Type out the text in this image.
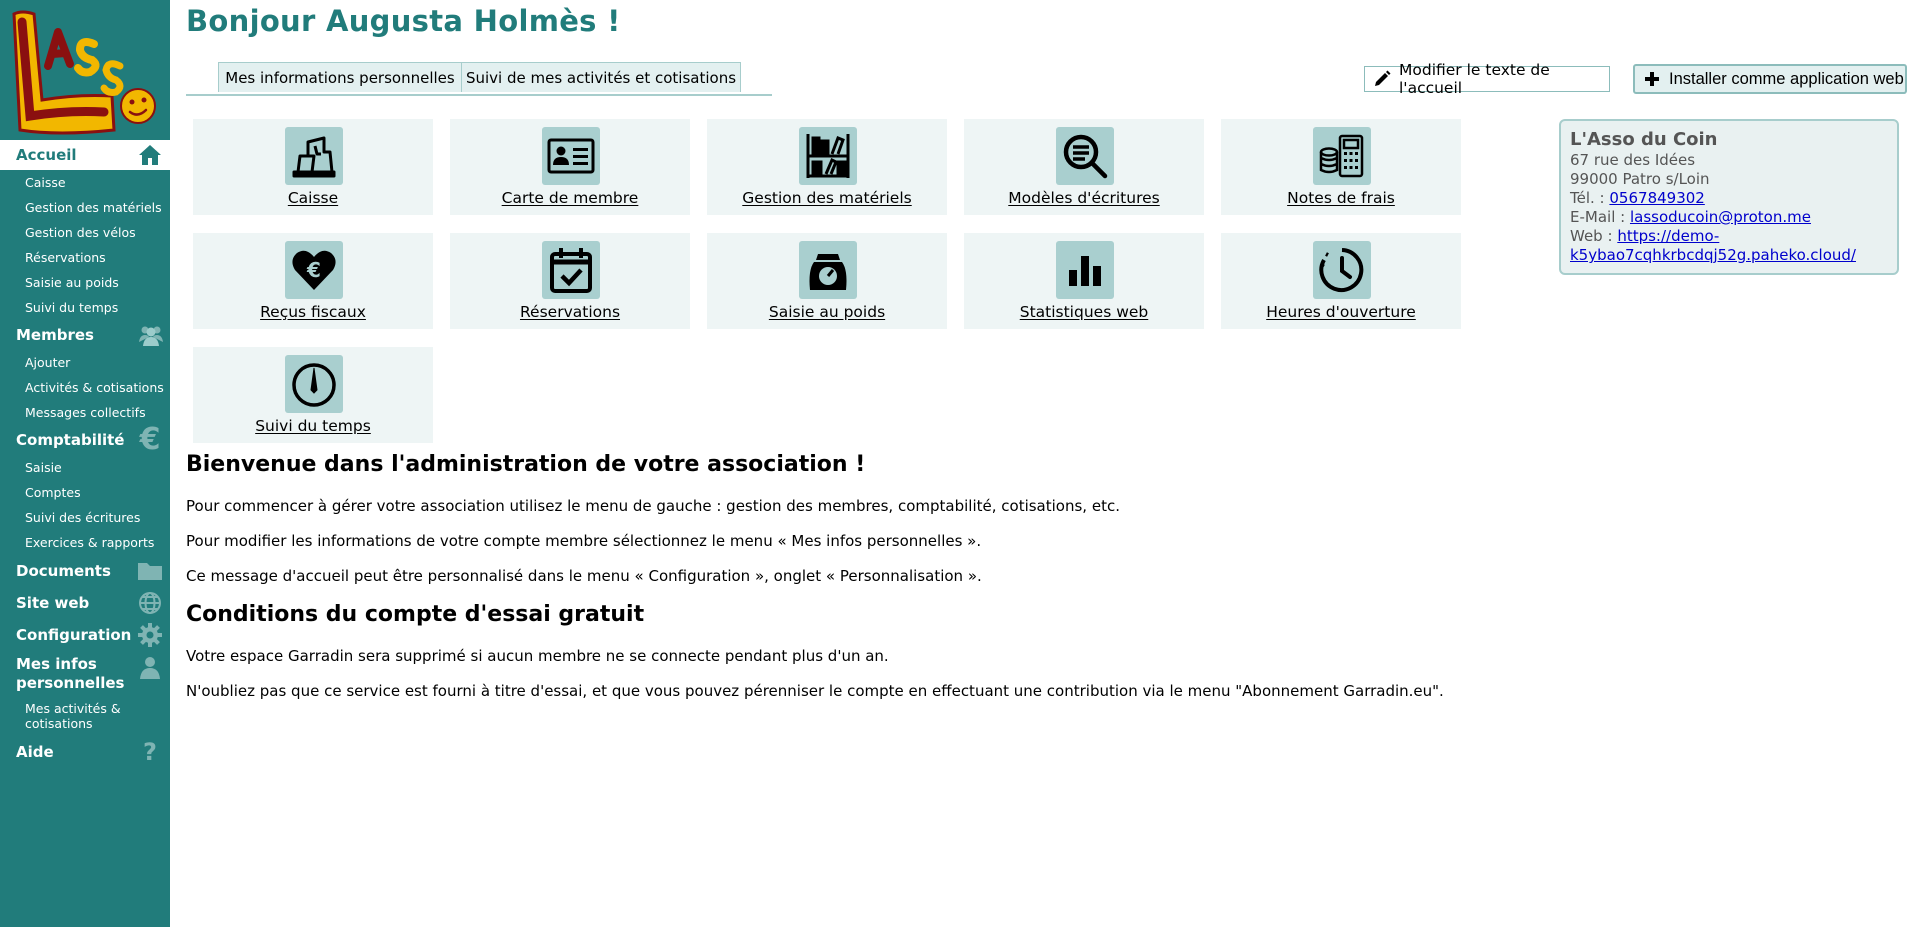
Accueil
Caisse
Gestion des matériels
Gestion des vélos
Réservations
Saisie au poids
Suivi du temps
Membres
Ajouter
Activités & cotisations
Messages collectifs
Comptabilité €
Saisie
Comptes
Suivi des écritures
Exercices & rapports
Documents
Site web
Configuration
Mes infos personnelles
Mes activités & cotisations
Aide	?
Bonjour Augusta Holmès !
Mes informations personnelles Suivi de mes activités et cotisations	Modifier le texte de l'accueil
Installer comme application web
Caisse	Carte de membre	Gestion des matériels	Modèles d'écritures	Notes de frais
€
Reçus fiscaux	Réservations	Saisie au poids	Statistiques web	Heures d'ouverture
Suivi du temps
L'Asso du Coin
67 rue des Idées
99000 Patro s/Loin
Tél. : 0567849302
E-Mail : lassoducoin@proton.me
Web : https://demo-
k5ybao7cqhkrbcdqj52g.paheko.cloud/
Bienvenue dans l'administration de votre association !

Pour commencer à gérer votre association utilisez le menu de gauche : gestion des membres, comptabilité, cotisations, etc.

Pour modifier les informations de votre compte membre sélectionnez le menu « Mes infos personnelles ».

Ce message d'accueil peut être personnalisé dans le menu « Configuration », onglet « Personnalisation ».

Conditions du compte d'essai gratuit

Votre espace Garradin sera supprimé si aucun membre ne se connecte pendant plus d'un an.

N'oubliez pas que ce service est fourni à titre d'essai, et que vous pouvez pérenniser le compte en effectuant une contribution via le menu "Abonnement Garradin.eu".
